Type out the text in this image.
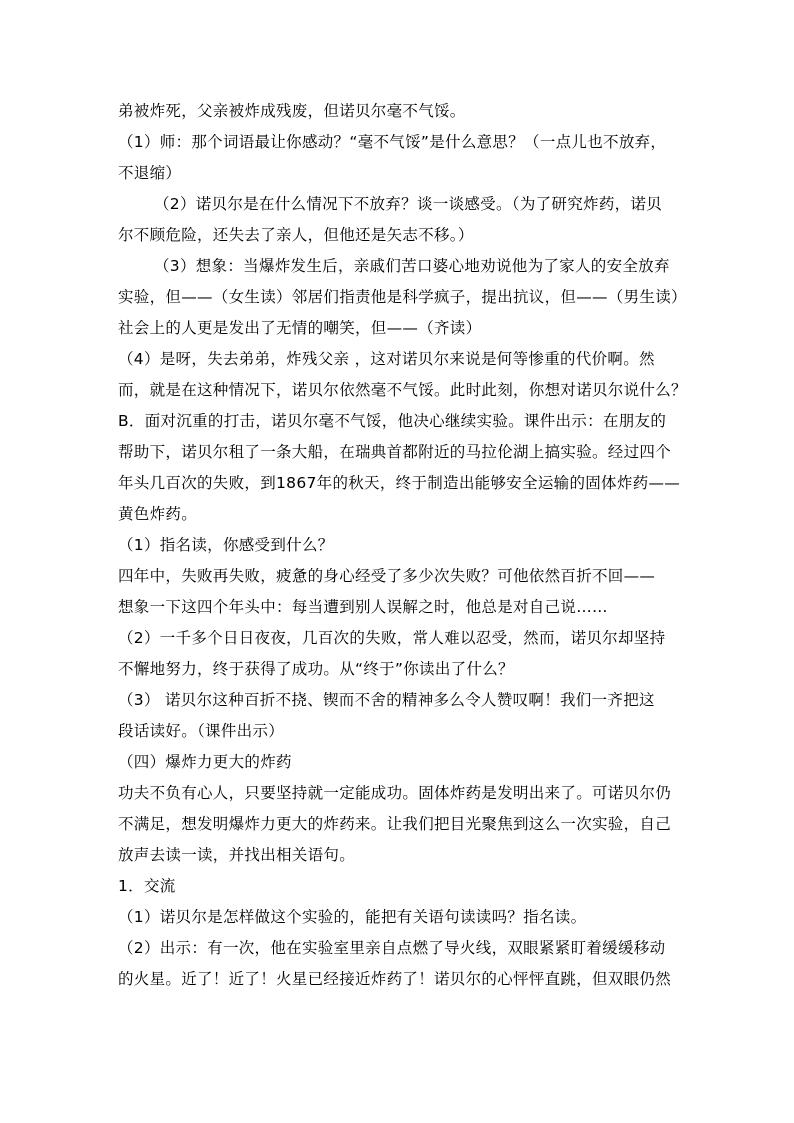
弟被炸死，父亲被炸成残废，但诺贝尔毫不气馁。

（1）师：那个词语最让你感动？“毫不气馁”是什么意思？（一点儿也不放弃，

不退缩）

（2）诺贝尔是在什么情况下不放弃？谈一谈感受。（为了研究炸药，诺贝

尔不顾危险，还失去了亲人，但他还是矢志不移。）

（3）想象：当爆炸发生后，亲戚们苦口婆心地劝说他为了家人的安全放弃

实验，但——（女生读）邻居们指责他是科学疯子，提出抗议，但——（男生读）

社会上的人更是发出了无情的嘲笑，但——（齐读）

（4）是呀，失去弟弟，炸残父亲 ，这对诺贝尔来说是何等惨重的代价啊。然

而，就是在这种情况下，诺贝尔依然毫不气馁。此时此刻，你想对诺贝尔说什么？

B．面对沉重的打击，诺贝尔毫不气馁，他决心继续实验。课件出示：在朋友的

帮助下，诺贝尔租了一条大船，在瑞典首都附近的马拉伦湖上搞实验。经过四个

年头几百次的失败，到1867年的秋天，终于制造出能够安全运输的固体炸药——

黄色炸药。

（1）指名读，你感受到什么？

四年中，失败再失败，疲惫的身心经受了多少次失败？可他依然百折不回——

想象一下这四个年头中：每当遭到别人误解之时，他总是对自己说……

（2）一千多个日日夜夜，几百次的失败，常人难以忍受，然而，诺贝尔却坚持

不懈地努力，终于获得了成功。从“终于”你读出了什么？

（3） 诺贝尔这种百折不挠、锲而不舍的精神多么令人赞叹啊！我们一齐把这

段话读好。（课件出示）

（四）爆炸力更大的炸药

功夫不负有心人，只要坚持就一定能成功。固体炸药是发明出来了。可诺贝尔仍

不满足，想发明爆炸力更大的炸药来。让我们把目光聚焦到这么一次实验，自己

放声去读一读，并找出相关语句。

1．交流

（1）诺贝尔是怎样做这个实验的，能把有关语句读读吗？指名读。

（2）出示：有一次，他在实验室里亲自点燃了导火线，双眼紧紧盯着缓缓移动

的火星。近了！近了！火星已经接近炸药了！诺贝尔的心怦怦直跳，但双眼仍然
